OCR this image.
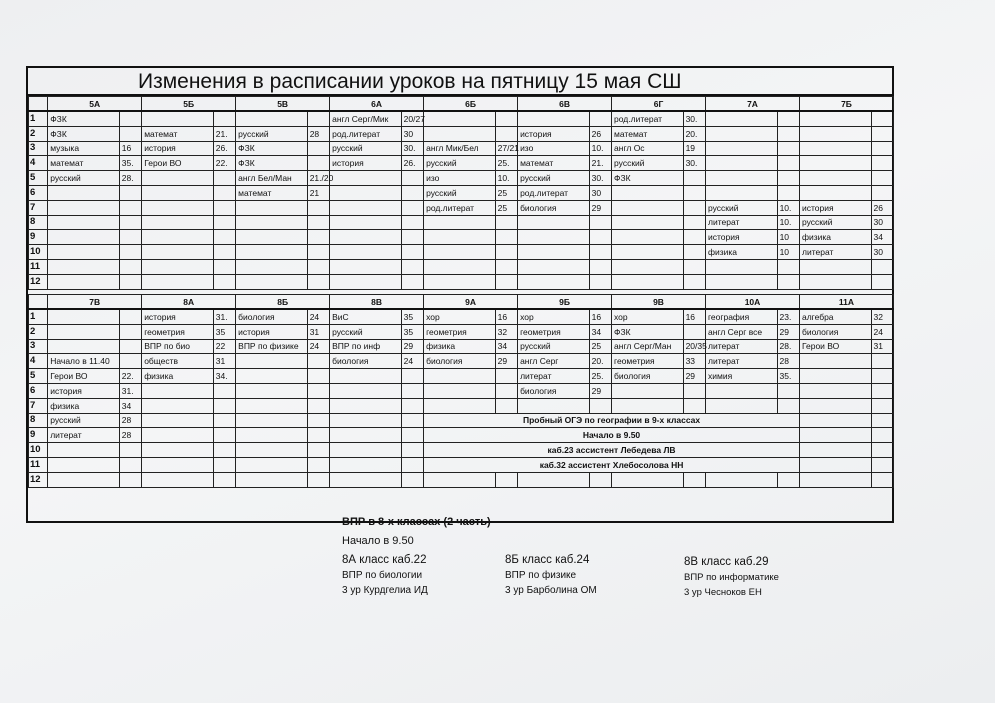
Изменения в расписании уроков на пятницу 15 мая СШ
	5А		5Б		5В		6А		6Б		6В		6Г		7А		7Б	
1	ФЗК						англ Серг/Мик	20/27					род.литерат	30.				
2	ФЗК		математ	21.	русский	28	род.литерат	30			история	26	математ	20.				
3	музыка	16	история	26.	ФЗК		русский	30.	англ Мик/Бел	27/21	изо	10.	англ Ос	19				
4	математ	35.	Герои ВО	22.	ФЗК		история	26.	русский	25.	математ	21.	русский	30.				
5	русский	28.			англ Бел/Ман	21./20			изо	10.	русский	30.	ФЗК					
6					математ	21			русский	25	род.литерат	30						
7									род.литерат	25	биология	29			русский	10.	история	26
8															литерат	10.	русский	30
9															история	10	физика	34
10															физика	10	литерат	30
11																		
12																		
	7В		8А		8Б		8В		9А		9Б		9В		10А		11А	
1			история	31.	биология	24	ВиС	35	хор	16	хор	16	хор	16	география	23.	алгебра	32
2			геометрия	35	история	31	русский	35	геометрия	32	геометрия	34	ФЗК		англ Серг все	29	биология	24
3			ВПР по био	22	ВПР по физике	24	ВПР по инф	29	физика	34	русский	25	англ Серг/Ман	20/35	литерат	28.	Герои ВО	31
4	Начало в 11.40		обществ	31			биология	24	биология	29	англ Серг	20.	геометрия	33	литерат	28		
5	Герои ВО	22.	физика	34.							литерат	25.	биология	29	химия	35.		
6	история	31.									биология	29						
7	физика	34																
8	русский	28							Пробный ОГЭ по географии в 9-х классах									
9	литерат	28							Начало в 9.50									
10									каб.23 ассистент Лебедева ЛВ									
11									каб.32 ассистент Хлебосолова НН									
12																		
ВПР в 8-х классах (2 часть)
Начало в 9.50
8А класс каб.22
ВПР по биологии
3 ур Курдгелиа ИД
8Б класс каб.24
ВПР по физике
3 ур Барболина ОМ
8В класс каб.29
ВПР по информатике
3 ур Чесноков ЕН
